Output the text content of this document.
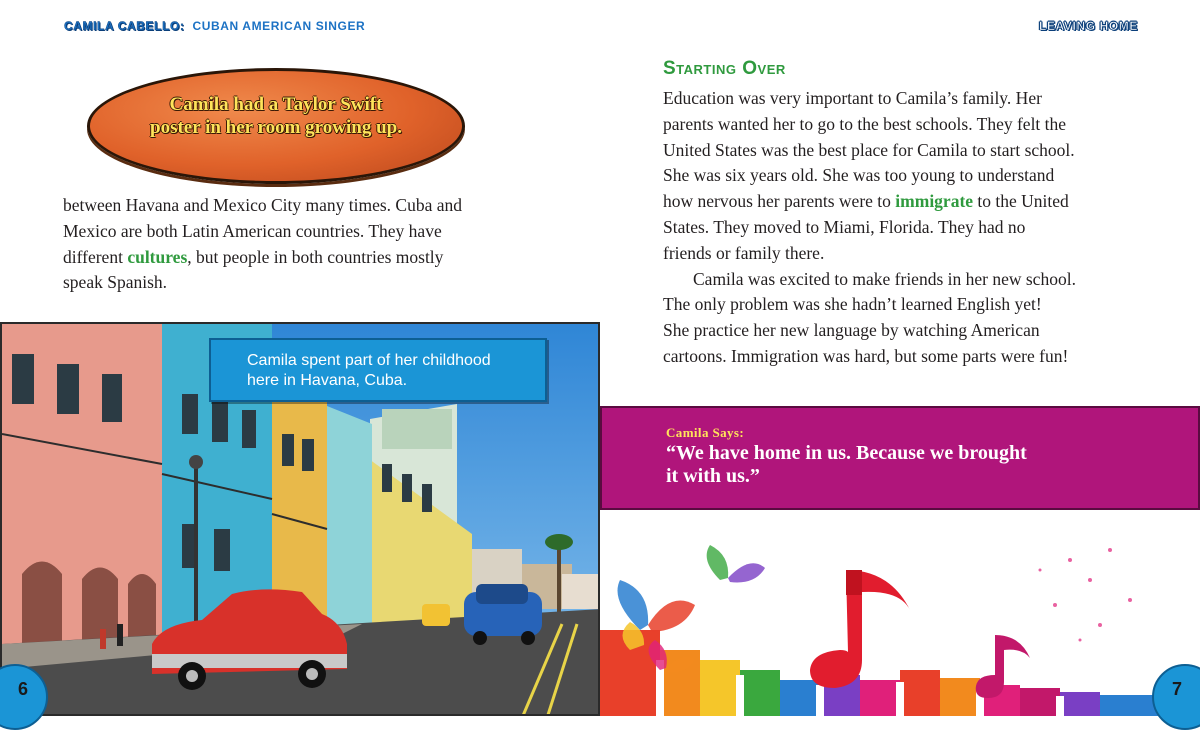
CAMILA CABELLO: CUBAN AMERICAN SINGER	LEAVING HOME
Camila had a Taylor Swift
poster in her room growing up.
between Havana and Mexico City many times. Cuba and
Mexico are both Latin American countries. They have
different cultures, but people in both countries mostly
speak Spanish.
Camila spent part of her childhood
here in Havana, Cuba.
Starting Over
Education was very important to Camila’s family. Her
parents wanted her to go to the best schools. They felt the
United States was the best place for Camila to start school.
She was six years old. She was too young to understand
how nervous her parents were to immigrate to the United
States. They moved to Miami, Florida. They had no
friends or family there.
Camila was excited to make friends in her new school.
The only problem was she hadn’t learned English yet!
She practice her new language by watching American
cartoons. Immigration was hard, but some parts were fun!
Camila Says:
“We have home in us. Because we brought
it with us.”
6	7
